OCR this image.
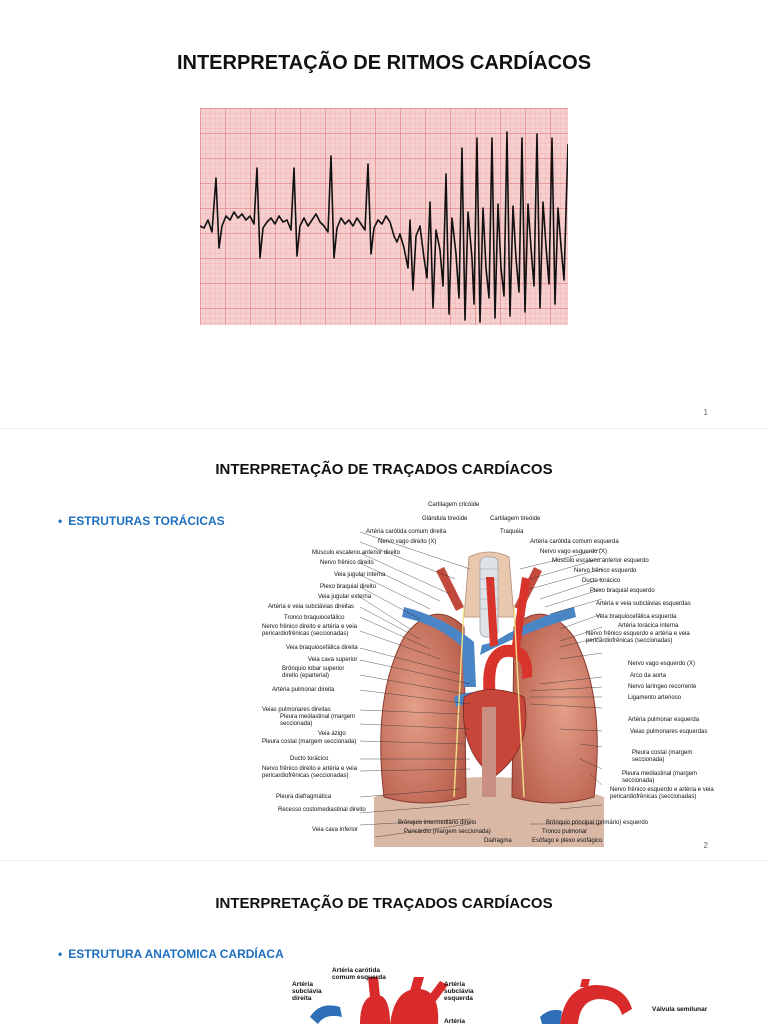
INTERPRETAÇÃO DE RITMOS CARDÍACOS
1
INTERPRETAÇÃO DE TRAÇADOS CARDÍACOS
• ESTRUTURAS TORÁCICAS
Cartilagem cricóide
Glândula tireóide	Cartilagem tireóide
Traquéia
Artéria carótida comum direita
Nervo vago direito (X)
Músculo escaleno anterior direito
Nervo frênico direito
Veia jugular interna
Plexo braquial direito
Veia jugular externa
Artéria e veia subclávias direitas
Tronco braquiocefálico
Nervo frênico direito e artéria e veia pericardiofrênicas (seccionadas)
Veia braquiocefálica direita
Veia cava superior
Brônquio lobar superior direito (eparterial)
Artéria pulmonar direita
Veias pulmonares direitas
Pleura mediastinal (margem seccionada)
Veia ázigo
Pleura costal (margem seccionada)
Ducto torácico
Nervo frênico direito e artéria e veia pericardiofrênicas (seccionadas)
Pleura diafragmática
Recesso costomediastinal direito
Veia cava inferior
Artéria carótida comum esquerda
Nervo vago esquerdo (X)
Músculo escaleno anterior esquerdo
Nervo frênico esquerdo
Ducto torácico
Plexo braquial esquerdo
Artéria e veia subclávias esquerdas
Veia braquiocefálica esquerda
Artéria torácica interna
Nervo frênico esquerdo e artéria e veia pericardiofrênicas (seccionadas)
Nervo vago esquerdo (X)
Arco da aorta
Nervo laríngeo recorrente
Ligamento arterioso
Artéria pulmonar esquerda
Veias pulmonares esquerdas
Pleura costal (margem seccionada)
Pleura mediastinal (margem seccionada)
Nervo frênico esquerdo e artéria e veia pericardiofrênicas (seccionadas)
Brônquio principal (primário) esquerdo
Brônquio intermediário direito
Pericárdio (margem seccionada)
Diafragma
Tronco pulmonar
Esôfago e plexo esofágico	2
INTERPRETAÇÃO DE TRAÇADOS CARDÍACOS
• ESTRUTURA ANATOMICA CARDÍACA
Artéria carótida comum esquerda
Artéria subclávia direita
Artéria subclávia esquerda
Artéria
Válvula semilunar
